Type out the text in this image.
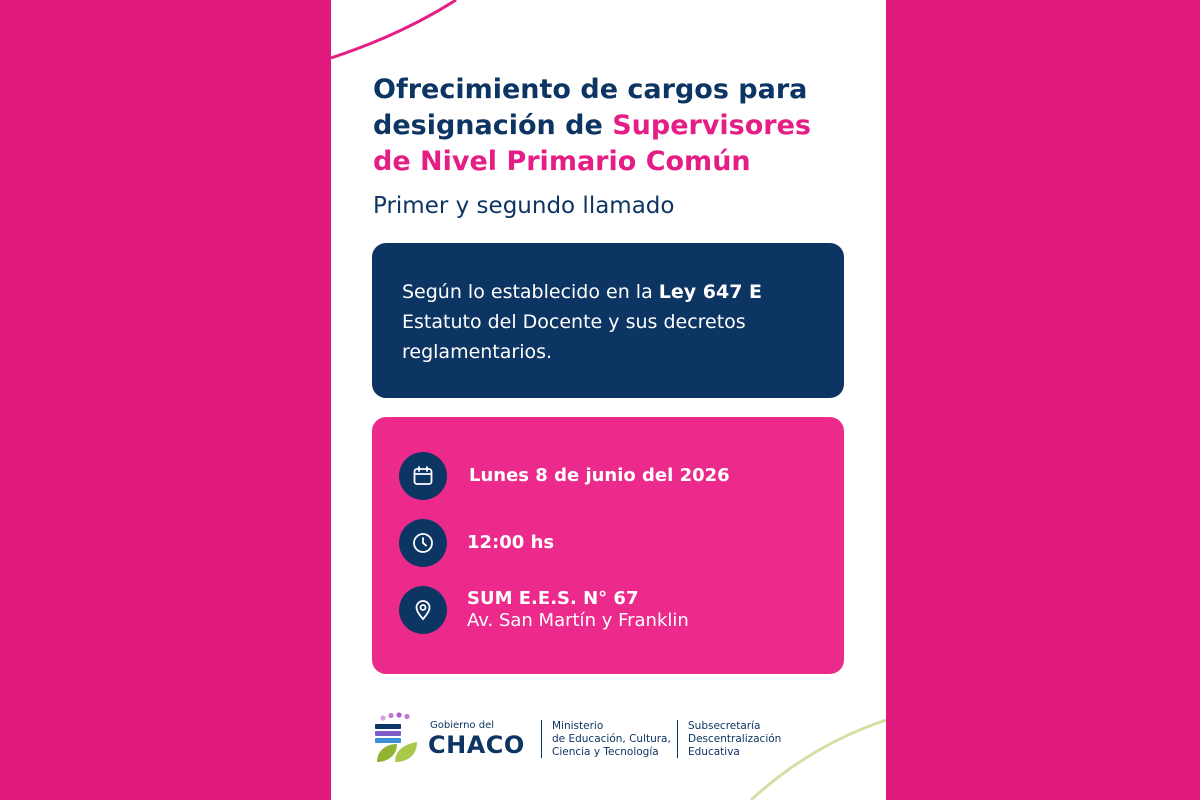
Ofrecimiento de cargos para
designación de Supervisores
de Nivel Primario Común

Primer y segundo llamado

Según lo establecido en la Ley 647 E
Estatuto del Docente y sus decretos
reglamentarios.
Lunes 8 de junio del 2026
12:00 hs
SUM E.E.S. N° 67
Av. San Martín y Franklin
Gobierno del
CHACO
Ministerio
de Educación, Cultura,
Ciencia y Tecnología
Subsecretaría
Descentralización
Educativa
